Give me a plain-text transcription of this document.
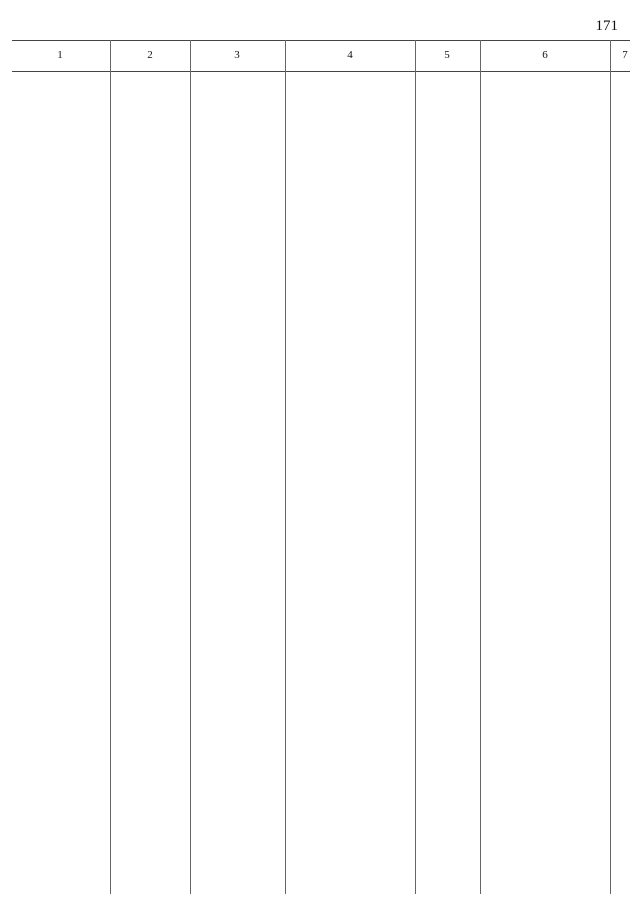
171
1	2	3	4	5	6	7
